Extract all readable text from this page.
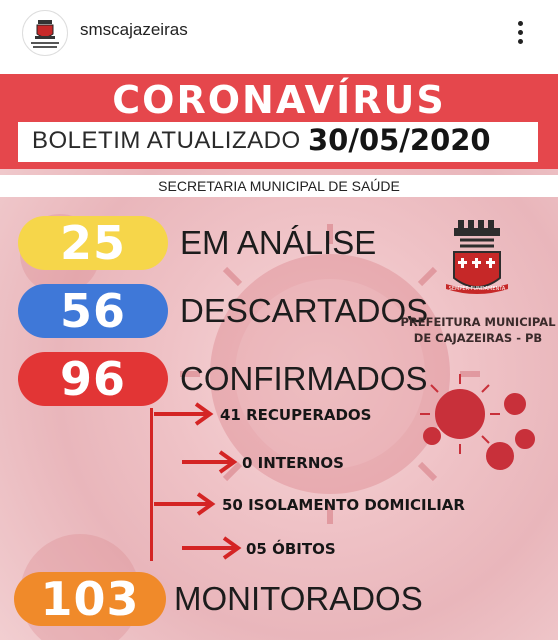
smscajazeiras
CORONAVÍRUS
BOLETIM ATUALIZADO 30/05/2020
SECRETARIA MUNICIPAL DE SAÚDE
25	EM ANÁLISE
56	DESCARTADOS
96	CONFIRMADOS
41 RECUPERADOS
0 INTERNOS
50 ISOLAMENTO DOMICILIAR
05 ÓBITOS
103	MONITORADOS
SEMPER FUNDAMENTA
PREFEITURA MUNICIPAL
DE CAJAZEIRAS - PB
